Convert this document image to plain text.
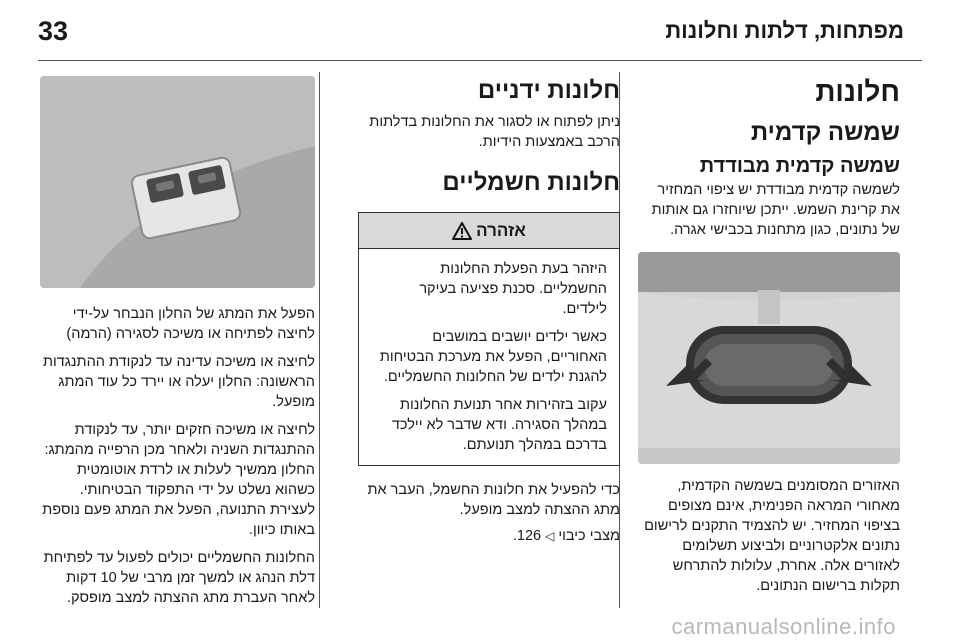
33	מפתחות, דלתות וחלונות
חלונות
שמשה קדמית
שמשה קדמית מבודדת

לשמשה קדמית מבודדת יש ציפוי המחזיר את קרינת השמש. ייתכן שיוחזרו גם אותות של נתונים, כגון מתחנות בכבישי אגרה.

האזורים המסומנים בשמשה הקדמית, מאחורי המראה הפנימית, אינם מצופים בציפוי המחזיר. יש להצמיד התקנים לרישום נתונים אלקטרוניים ולביצוע תשלומים לאזורים אלה. אחרת, עלולות להתרחש תקלות ברישום הנתונים.

חלונות ידניים

ניתן לפתוח או לסגור את החלונות בדלתות הרכב באמצעות הידיות.

חלונות חשמליים
אזהרה

היזהר בעת הפעלת החלונות החשמליים. סכנת פציעה בעיקר לילדים.

כאשר ילדים יושבים במושבים האחוריים, הפעל את מערכת הבטיחות להגנת ילדים של החלונות החשמליים.

עקוב בזהירות אחר תנועת החלונות במהלך הסגירה. ודא שדבר לא יילכד בדרכם במהלך תנועתם.

כדי להפעיל את חלונות החשמל, העבר את מתג ההצתה למצב מופעל.

מצבי כיבוי ◁ 126.

הפעל את המתג של החלון הנבחר על-ידי לחיצה לפתיחה או משיכה לסגירה (הרמה)

לחיצה או משיכה עדינה עד לנקודת ההתנגדות הראשונה: החלון יעלה או יירד כל עוד המתג מופעל.

לחיצה או משיכה חזקים יותר, עד לנקודת ההתנגדות השניה ולאחר מכן הרפייה מהמתג: החלון ממשיך לעלות או לרדת אוטומטית כשהוא נשלט על ידי התפקוד הבטיחותי. לעצירת התנועה, הפעל את המתג פעם נוספת באותו כיוון.

החלונות החשמליים יכולים לפעול עד לפתיחת דלת הנהג או למשך זמן מרבי של 10 דקות לאחר העברת מתג ההצתה למצב מופסק.

carmanualsonline.info
